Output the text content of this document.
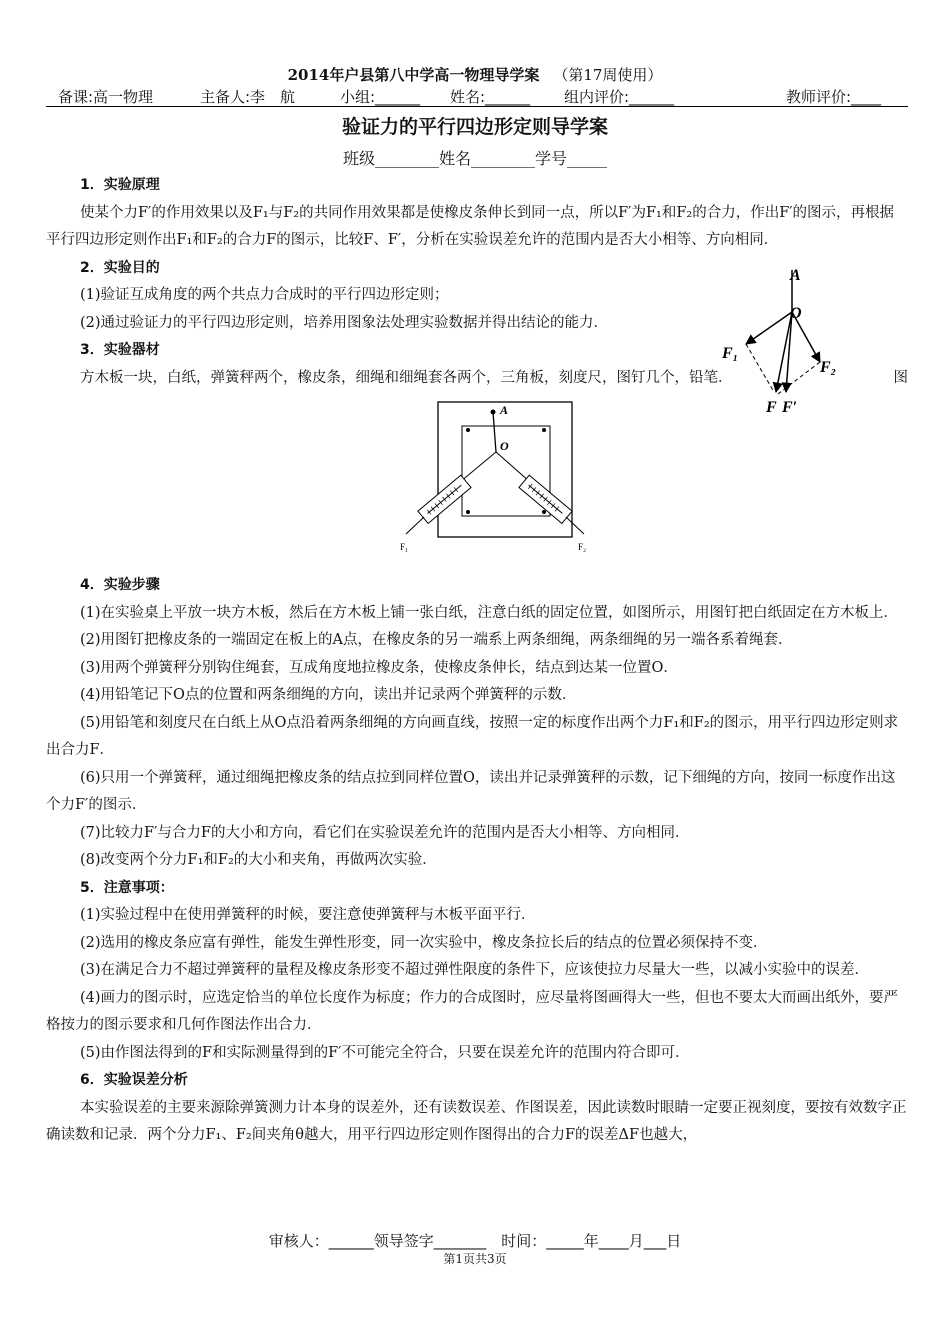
2014年户县第八中学高一物理导学案 （第17周使用）
备课:高一物理	主备人:李　航	小组:______ 姓名:______ 组内评价:______	教师评价:____
验证力的平行四边形定则导学案
班级________姓名________学号_____
A
O
F₁
F₂
F F′

1．实验原理

使某个力F′的作用效果以及F₁与F₂的共同作用效果都是使橡皮条伸长到同一点，所以F′为F₁和F₂的合力，作出F′的图示，再根据平行四边形定则作出F₁和F₂的合力F的图示，比较F、F′，分析在实验误差允许的范围内是否大小相等、方向相同．

2．实验目的

(1)验证互成角度的两个共点力合成时的平行四边形定则；

(2)通过验证力的平行四边形定则，培养用图象法处理实验数据并得出结论的能力．

3．实验器材

方木板一块，白纸，弹簧秤两个，橡皮条，细绳和细绳套各两个，三角板，刻度尺，图钉几个，铅笔．	图
A
O
F₁	F₂

4．实验步骤

(1)在实验桌上平放一块方木板，然后在方木板上铺一张白纸，注意白纸的固定位置，如图所示，用图钉把白纸固定在方木板上．

(2)用图钉把橡皮条的一端固定在板上的A点，在橡皮条的另一端系上两条细绳，两条细绳的另一端各系着绳套．

(3)用两个弹簧秤分别钩住绳套，互成角度地拉橡皮条，使橡皮条伸长，结点到达某一位置O．

(4)用铅笔记下O点的位置和两条细绳的方向，读出并记录两个弹簧秤的示数．

(5)用铅笔和刻度尺在白纸上从O点沿着两条细绳的方向画直线，按照一定的标度作出两个力F₁和F₂的图示，用平行四边形定则求出合力F．

(6)只用一个弹簧秤，通过细绳把橡皮条的结点拉到同样位置O，读出并记录弹簧秤的示数，记下细绳的方向，按同一标度作出这个力F′的图示．

(7)比较力F′与合力F的大小和方向，看它们在实验误差允许的范围内是否大小相等、方向相同．

(8)改变两个分力F₁和F₂的大小和夹角，再做两次实验．

5．注意事项：

(1)实验过程中在使用弹簧秤的时候，要注意使弹簧秤与木板平面平行．

(2)选用的橡皮条应富有弹性，能发生弹性形变，同一次实验中，橡皮条拉长后的结点的位置必须保持不变．

(3)在满足合力不超过弹簧秤的量程及橡皮条形变不超过弹性限度的条件下，应该使拉力尽量大一些，以减小实验中的误差．

(4)画力的图示时，应选定恰当的单位长度作为标度；作力的合成图时，应尽量将图画得大一些，但也不要太大而画出纸外，要严格按力的图示要求和几何作图法作出合力．

(5)由作图法得到的F和实际测量得到的F′不可能完全符合，只要在误差允许的范围内符合即可．

6．实验误差分析

本实验误差的主要来源除弹簧测力计本身的误差外，还有读数误差、作图误差，因此读数时眼睛一定要正视刻度，要按有效数字正确读数和记录．两个分力F₁、F₂间夹角θ越大，用平行四边形定则作图得出的合力F的误差ΔF也越大，

审核人：______领导签字_______　时间：_____年____月___日
第1页共3页
